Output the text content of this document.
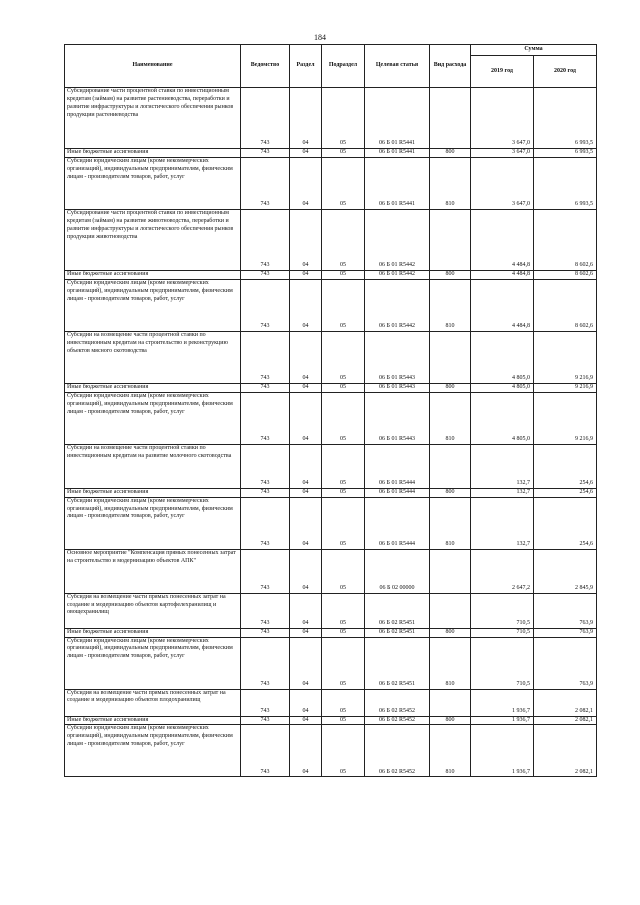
184
Наименование	Ведомство	Раздел	Подраздел	Целевая статья	Вид расхода	Сумма	
						2019 год	2020 год

Субсидирование части процентной ставки по инвестиционным кредитам (займам) на развитие растениеводства, переработки и развитие инфраструктуры и логистического обеспечения рынков продукции растениеводства	743	04	05	06 Б 01 R5441		3 647,0	6 993,5

Иные бюджетные ассигнования	743	04	05	06 Б 01 R5441	800	3 647,0	6 993,5

Субсидии юридическим лицам (кроме некоммерческих организаций), индивидуальным предпринимателям, физическим лицам - производителям товаров, работ, услуг	743	04	05	06 Б 01 R5441	810	3 647,0	6 993,5

Субсидирование части процентной ставки по инвестиционным кредитам (займам) на развитие животноводства, переработки и развитие инфраструктуры и логистического обеспечения рынков продукции животноводства	743	04	05	06 Б 01 R5442		4 484,8	8 602,6

Иные бюджетные ассигнования	743	04	05	06 Б 01 R5442	800	4 484,8	8 602,6

Субсидии юридическим лицам (кроме некоммерческих организаций), индивидуальным предпринимателям, физическим лицам - производителям товаров, работ, услуг	743	04	05	06 Б 01 R5442	810	4 484,8	8 602,6

Субсидии на возмещение части процентной ставки по инвестиционным кредитам на строительство и реконструкцию объектов мясного скотоводства	743	04	05	06 Б 01 R5443		4 805,0	9 216,9

Иные бюджетные ассигнования	743	04	05	06 Б 01 R5443	800	4 805,0	9 216,9

Субсидии юридическим лицам (кроме некоммерческих организаций), индивидуальным предпринимателям, физическим лицам - производителям товаров, работ, услуг	743	04	05	06 Б 01 R5443	810	4 805,0	9 216,9

Субсидии на возмещение части процентной ставки по инвестиционным кредитам на развитие молочного скотоводства	743	04	05	06 Б 01 R5444		132,7	254,6

Иные бюджетные ассигнования	743	04	05	06 Б 01 R5444	800	132,7	254,6

Субсидии юридическим лицам (кроме некоммерческих организаций), индивидуальным предпринимателям, физическим лицам - производителям товаров, работ, услуг	743	04	05	06 Б 01 R5444	810	132,7	254,6

Основное мероприятие "Компенсация прямых понесенных затрат на строительство и модернизацию объектов АПК"	743	04	05	06 Б 02 00000		2 647,2	2 845,9

Субсидия на возмещение части прямых понесенных затрат на создание и модернизацию объектов картофелехранилищ и овощехранилищ	743	04	05	06 Б 02 R5451		710,5	763,9

Иные бюджетные ассигнования	743	04	05	06 Б 02 R5451	800	710,5	763,9

Субсидии юридическим лицам (кроме некоммерческих организаций), индивидуальным предпринимателям, физическим лицам - производителям товаров, работ, услуг	743	04	05	06 Б 02 R5451	810	710,5	763,9

Субсидия на возмещение части прямых понесенных затрат на создание и модернизацию объектов плодохранилищ	743	04	05	06 Б 02 R5452		1 936,7	2 082,1

Иные бюджетные ассигнования	743	04	05	06 Б 02 R5452	800	1 936,7	2 082,1

Субсидии юридическим лицам (кроме некоммерческих организаций), индивидуальным предпринимателям, физическим лицам - производителям товаров, работ, услуг	743	04	05	06 Б 02 R5452	810	1 936,7	2 082,1
